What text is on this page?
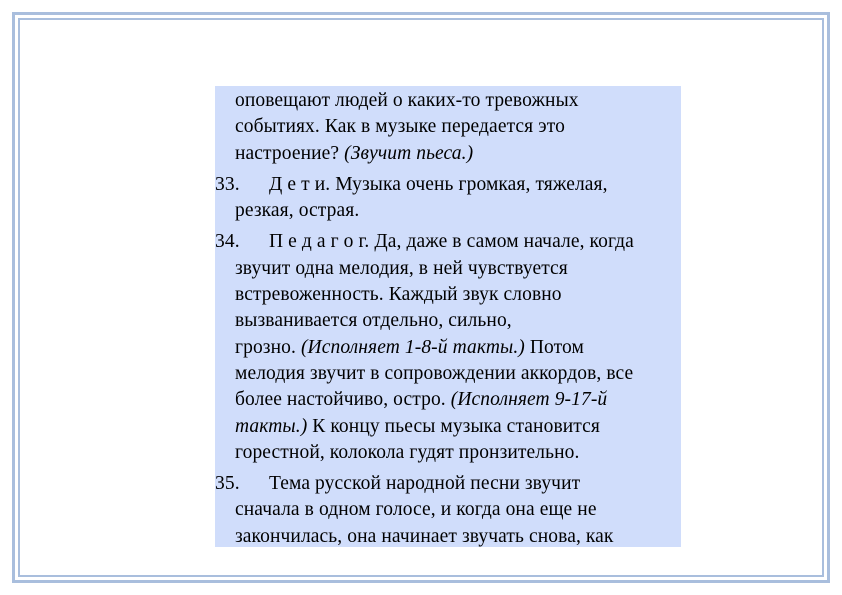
оповещают людей о каких-то тревожных
событиях. Как в музыке передается это
настроение? (Звучит пьеса.)

33.	Д е т и. Музыка очень громкая, тяжелая,
резкая, острая.

34.	П е д а г о г. Да, даже в самом начале, когда
звучит одна мелодия, в ней чувствуется
встревоженность. Каждый звук словно
вызванивается отдельно, сильно,
грозно. (Исполняет 1-8-й такты.) Потом
мелодия звучит в сопровождении аккордов, все
более настойчиво, остро. (Исполняет 9-17-й
такты.) К концу пьесы музыка становится
горестной, колокола гудят пронзительно.

35.	Тема русской народной песни звучит
сначала в одном голосе, и когда она еще не
закончилась, она начинает звучать снова, как
